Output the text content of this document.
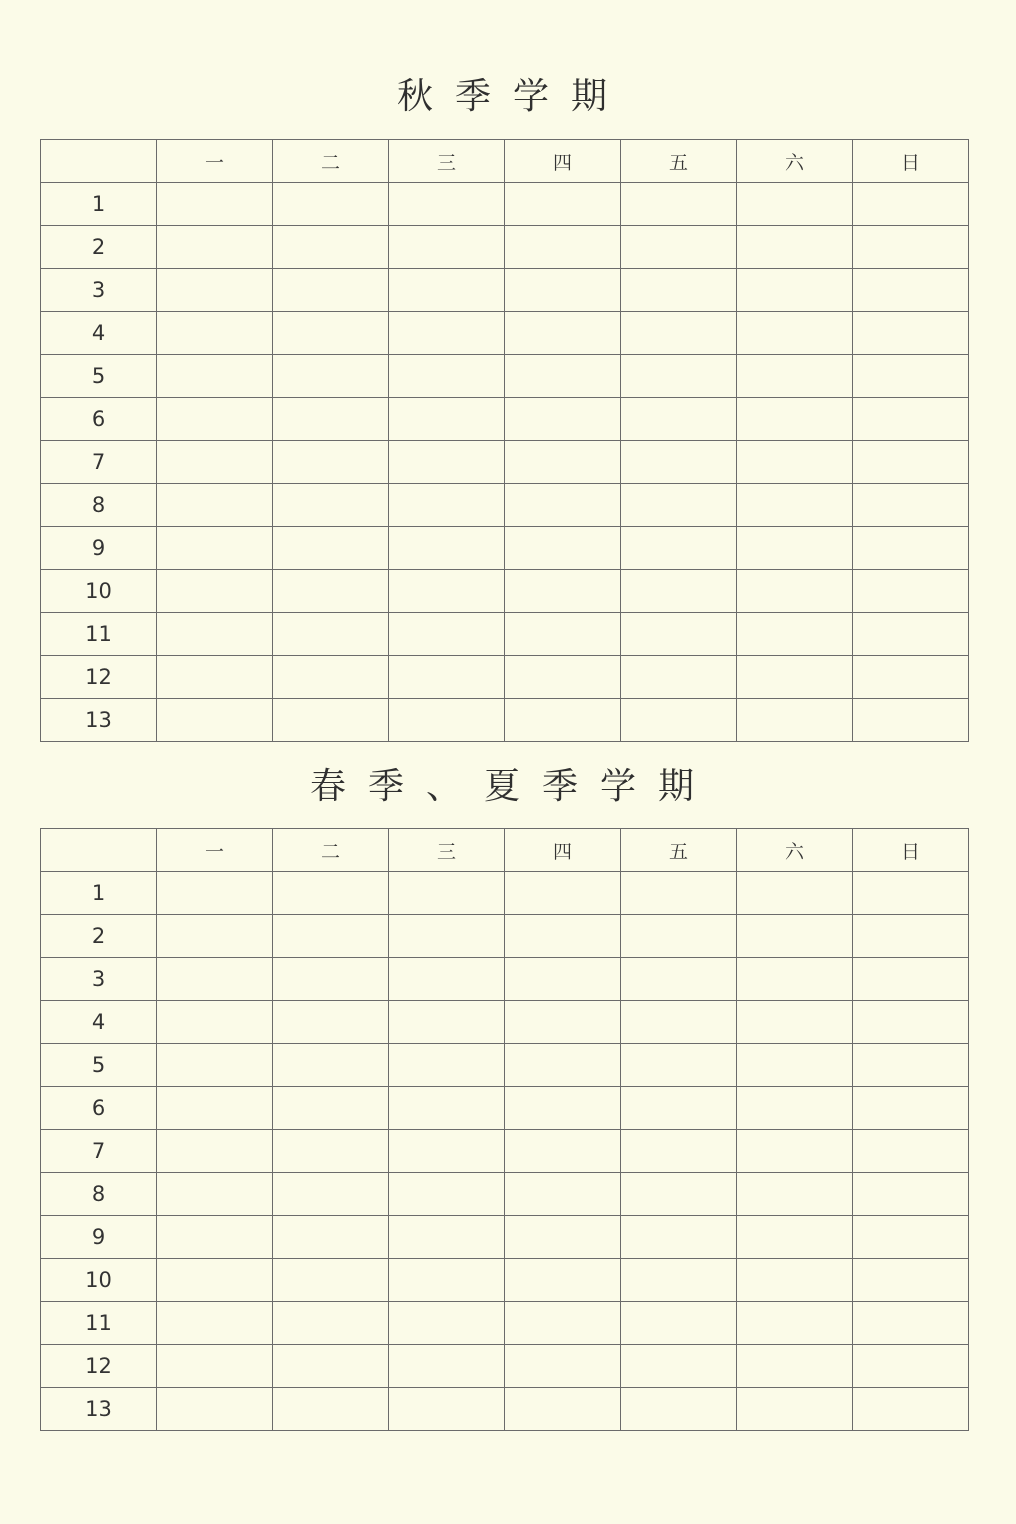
秋季学期
	一	二	三	四	五	六	日
1							
2							
3							
4							
5							
6							
7							
8							
9							
10							
11							
12							
13							
春季、夏季学期
	一	二	三	四	五	六	日
1							
2							
3							
4							
5							
6							
7							
8							
9							
10							
11							
12							
13							
